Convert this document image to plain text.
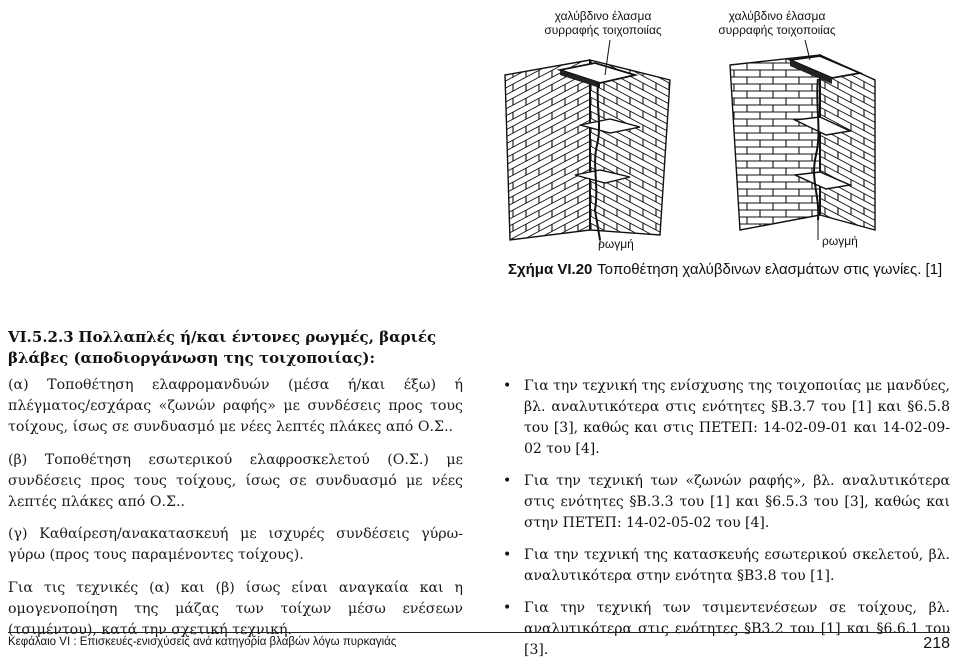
χαλύβδινο έλασμα συρραφής τοιχοποιίας
χαλύβδινο έλασμα συρραφής τοιχοποιίας
ρωγμή	ρωγμή
Σχήμα VI.20 Τοποθέτηση χαλύβδινων ελασμάτων στις γωνίες. [1]
VI.5.2.3 Πολλαπλές ή/και έντονες ρωγμές, βαριές βλάβες (αποδιοργάνωση της τοιχοποιίας):

(α) Τοποθέτηση ελαφρομανδυών (μέσα ή/και έξω) ή πλέγματος/εσχάρας «ζωνών ραφής» με συνδέσεις προς τους τοίχους, ίσως σε συνδυασμό με νέες λεπτές πλάκες από Ο.Σ..

(β) Τοποθέτηση εσωτερικού ελαφροσκελετού (Ο.Σ.) με συνδέσεις προς τους τοίχους, ίσως σε συνδυασμό με νέες λεπτές πλάκες από Ο.Σ..

(γ) Καθαίρεση/ανακατασκευή με ισχυρές συνδέσεις γύρω-γύρω (προς τους παραμένοντες τοίχους).

Για τις τεχνικές (α) και (β) ίσως είναι αναγκαία και η ομογενοποίηση της μάζας των τοίχων μέσω ενέσεων (τσιμέντου), κατά την σχετική τεχνική.

• Για την τεχνική της ενίσχυσης της τοιχοποιίας με μανδύες, βλ. αναλυτικότερα στις ενότητες §Β.3.7 του [1] και §6.5.8 του [3], καθώς και στις ΠΕΤΕΠ: 14-02-09-01 και 14-02-09-02 του [4].
• Για την τεχνική των «ζωνών ραφής», βλ. αναλυτικότερα στις ενότητες §Β.3.3 του [1] και §6.5.3 του [3], καθώς και στην ΠΕΤΕΠ: 14-02-05-02 του [4].
• Για την τεχνική της κατασκευής εσωτερικού σκελετού, βλ. αναλυτικότερα στην ενότητα §Β3.8 του [1].
• Για την τεχνική των τσιμεντενέσεων σε τοίχους, βλ. αναλυτικότερα στις ενότητες §Β3.2 του [1] και §6.6.1 του [3].
Κεφάλαιο VI : Επισκευές-ενισχύσεις ανά κατηγορία βλαβών λόγω πυρκαγιάς	218
